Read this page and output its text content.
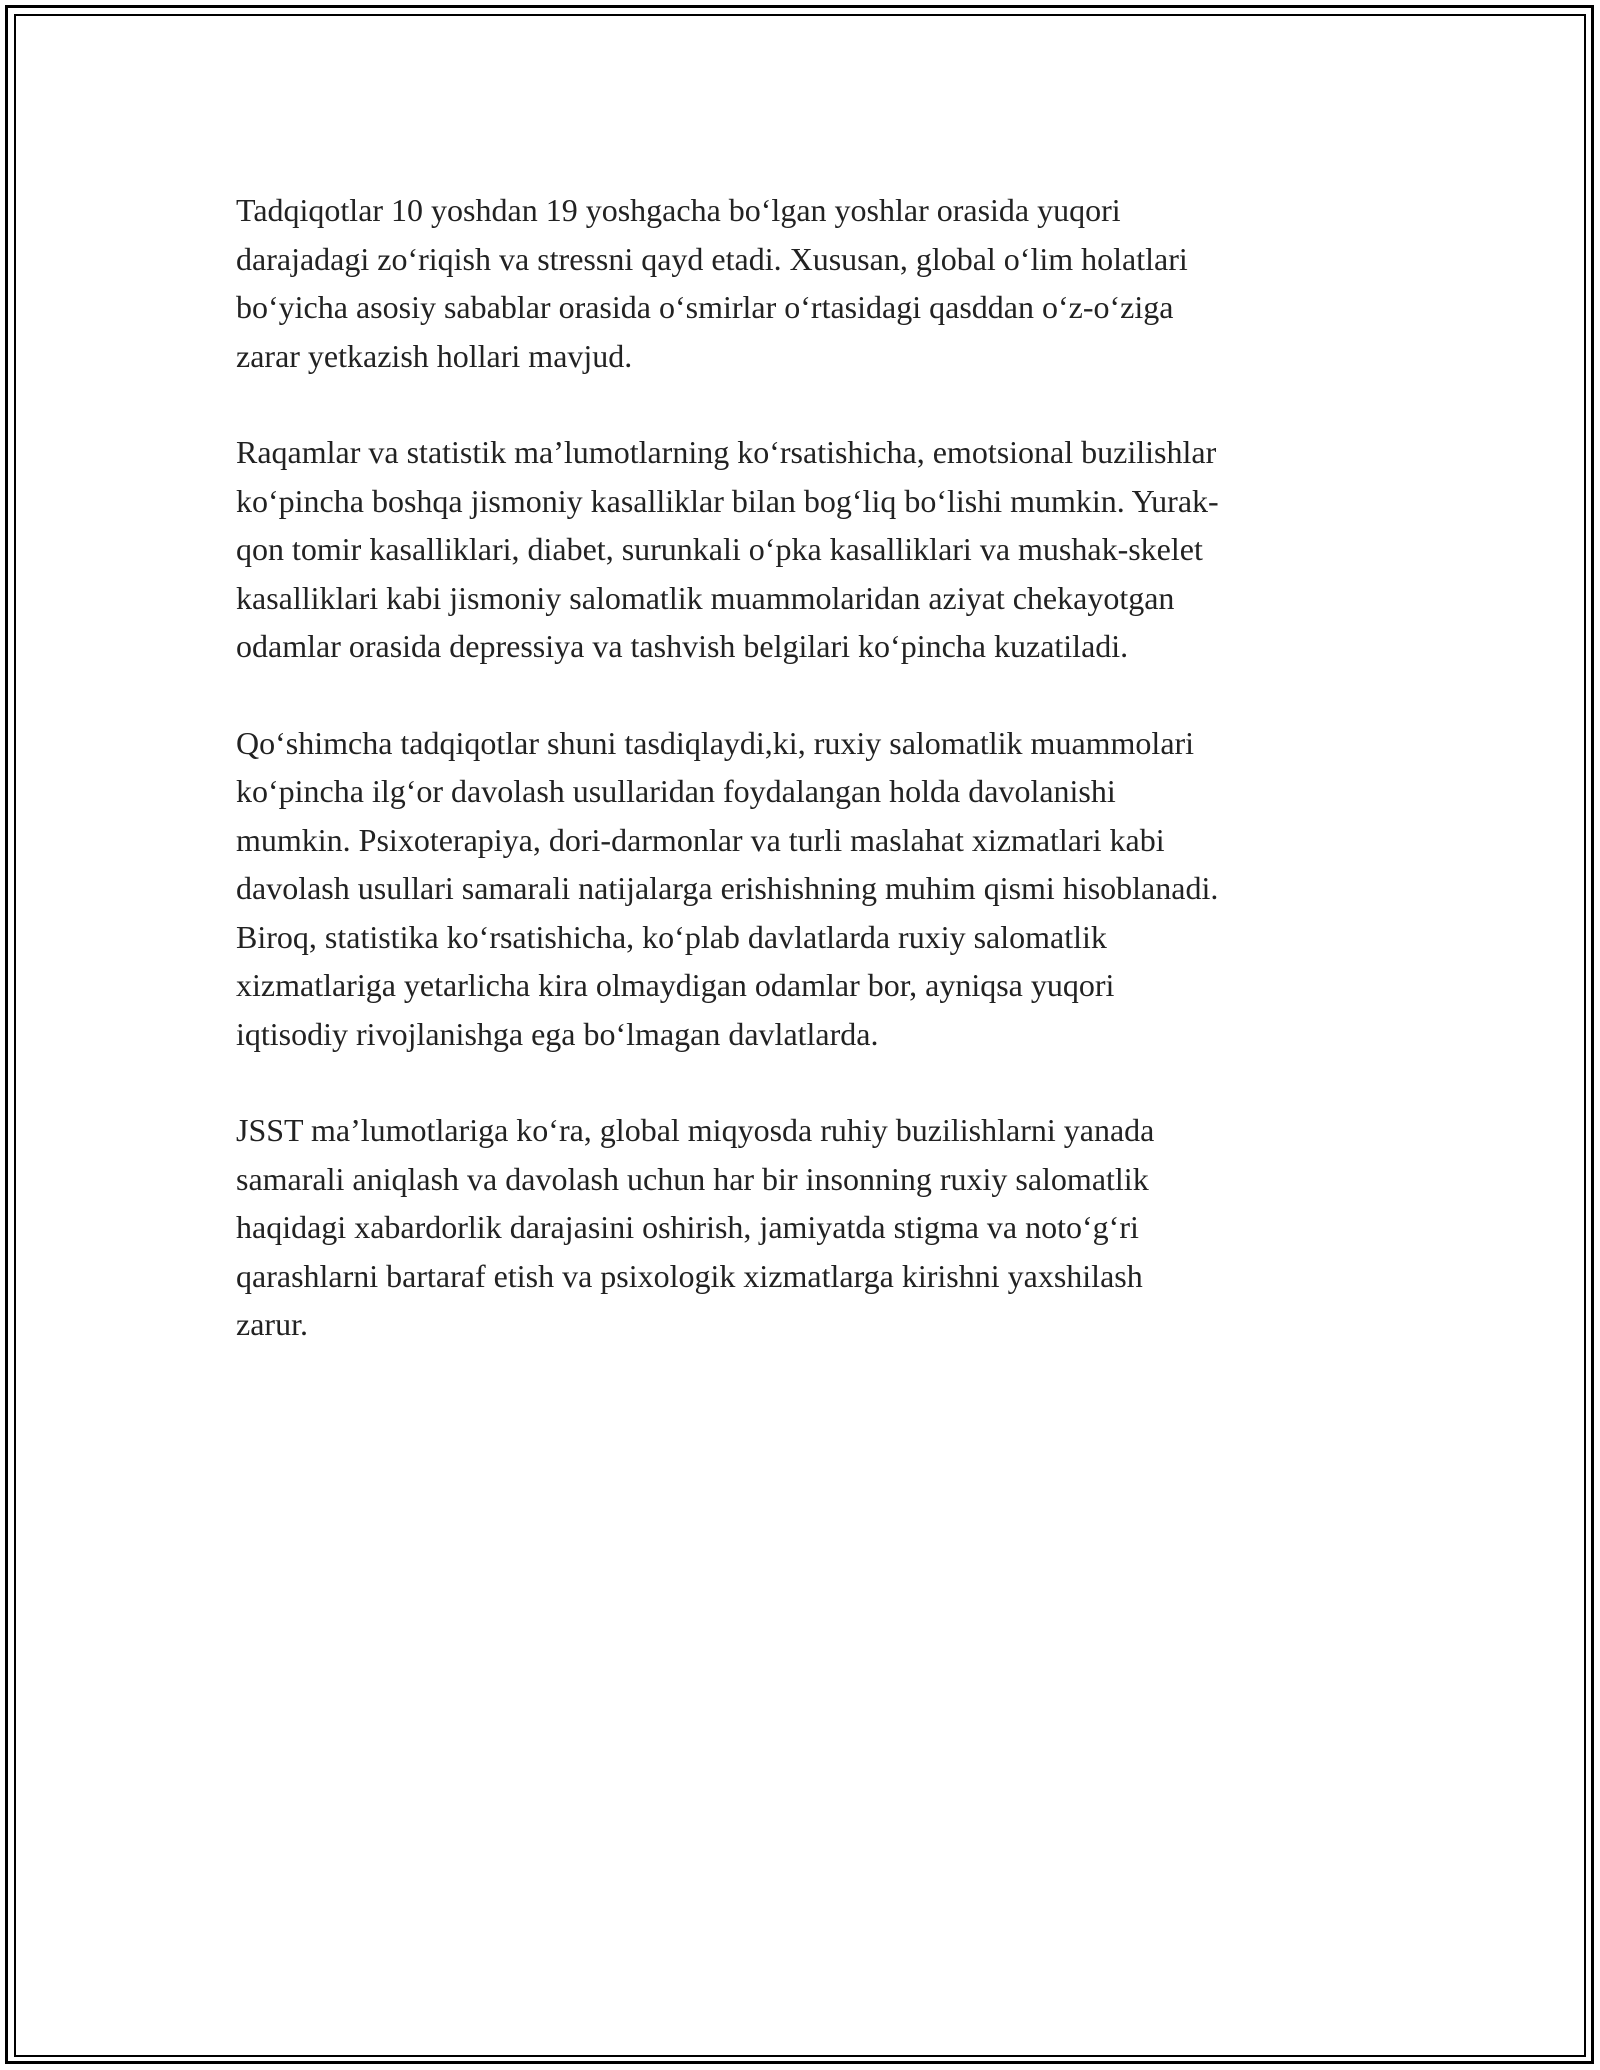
Tadqiqotlar 10 yoshdan 19 yoshgacha bo‘lgan yoshlar orasida yuqori
darajadagi zo‘riqish va stressni qayd etadi. Xususan, global o‘lim holatlari
bo‘yicha asosiy sabablar orasida o‘smirlar o‘rtasidagi qasddan o‘z-o‘ziga
zarar yetkazish hollari mavjud.

Raqamlar va statistik ma’lumotlarning ko‘rsatishicha, emotsional buzilishlar
ko‘pincha boshqa jismoniy kasalliklar bilan bog‘liq bo‘lishi mumkin. Yurak-
qon tomir kasalliklari, diabet, surunkali o‘pka kasalliklari va mushak-skelet
kasalliklari kabi jismoniy salomatlik muammolaridan aziyat chekayotgan
odamlar orasida depressiya va tashvish belgilari ko‘pincha kuzatiladi.

Qo‘shimcha tadqiqotlar shuni tasdiqlaydi,ki, ruxiy salomatlik muammolari
ko‘pincha ilg‘or davolash usullaridan foydalangan holda davolanishi
mumkin. Psixoterapiya, dori-darmonlar va turli maslahat xizmatlari kabi
davolash usullari samarali natijalarga erishishning muhim qismi hisoblanadi.
Biroq, statistika ko‘rsatishicha, ko‘plab davlatlarda ruxiy salomatlik
xizmatlariga yetarlicha kira olmaydigan odamlar bor, ayniqsa yuqori
iqtisodiy rivojlanishga ega bo‘lmagan davlatlarda.

JSST ma’lumotlariga ko‘ra, global miqyosda ruhiy buzilishlarni yanada
samarali aniqlash va davolash uchun har bir insonning ruxiy salomatlik
haqidagi xabardorlik darajasini oshirish, jamiyatda stigma va noto‘g‘ri
qarashlarni bartaraf etish va psixologik xizmatlarga kirishni yaxshilash
zarur.
